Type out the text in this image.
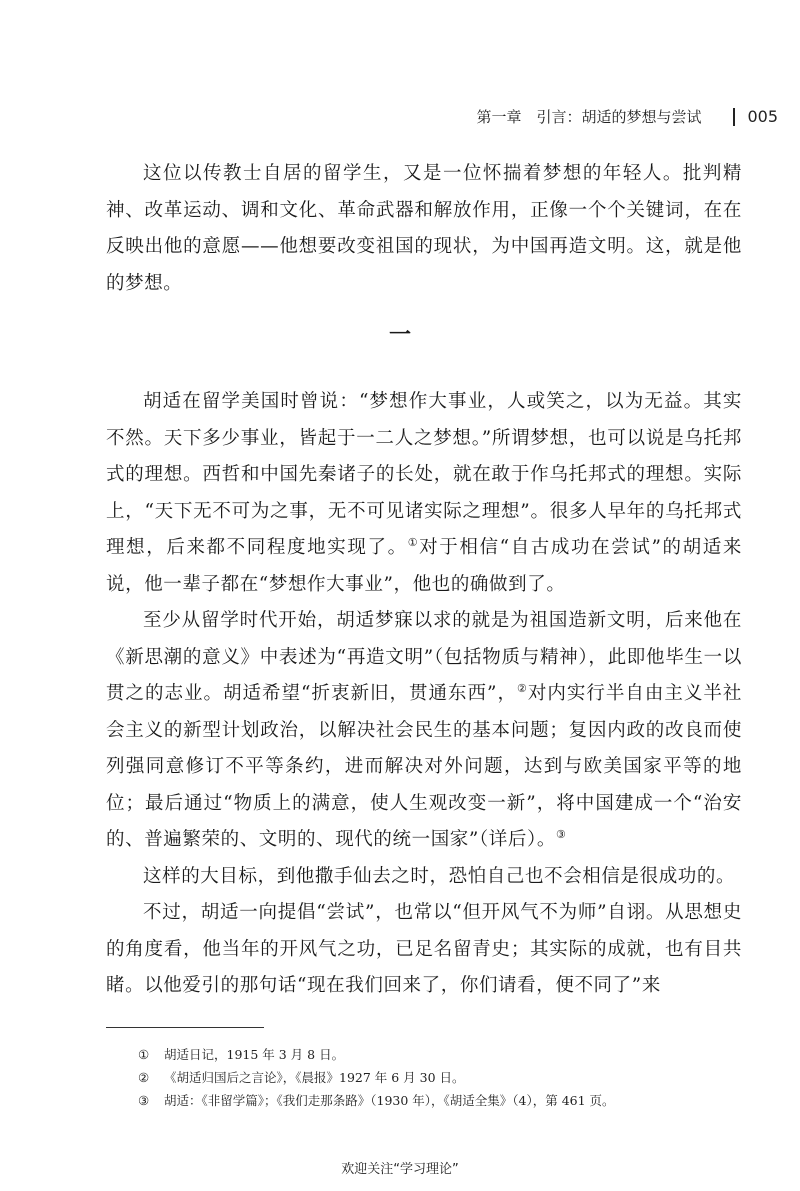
第一章　引言：胡适的梦想与尝试	005

这位以传教士自居的留学生，又是一位怀揣着梦想的年轻人。批判精神、改革运动、调和文化、革命武器和解放作用，正像一个个关键词，在在反映出他的意愿——他想要改变祖国的现状，为中国再造文明。这，就是他的梦想。

一

胡适在留学美国时曾说：“梦想作大事业，人或笑之，以为无益。其实不然。天下多少事业，皆起于一二人之梦想。”所谓梦想，也可以说是乌托邦式的理想。西哲和中国先秦诸子的长处，就在敢于作乌托邦式的理想。实际上，“天下无不可为之事，无不可见诸实际之理想”。很多人早年的乌托邦式理想，后来都不同程度地实现了。①对于相信“自古成功在尝试”的胡适来说，他一辈子都在“梦想作大事业”，他也的确做到了。

至少从留学时代开始，胡适梦寐以求的就是为祖国造新文明，后来他在《新思潮的意义》中表述为“再造文明”（包括物质与精神），此即他毕生一以贯之的志业。胡适希望“折衷新旧，贯通东西”，②对内实行半自由主义半社会主义的新型计划政治，以解决社会民生的基本问题；复因内政的改良而使列强同意修订不平等条约，进而解决对外问题，达到与欧美国家平等的地位；最后通过“物质上的满意，使人生观改变一新”，将中国建成一个“治安的、普遍繁荣的、文明的、现代的统一国家”（详后）。③

这样的大目标，到他撒手仙去之时，恐怕自己也不会相信是很成功的。

不过，胡适一向提倡“尝试”，也常以“但开风气不为师”自诩。从思想史的角度看，他当年的开风气之功，已足名留青史；其实际的成就，也有目共睹。以他爱引的那句话“现在我们回来了，你们请看，便不同了”来

①	胡适日记，1915 年 3 月 8 日。
②	《胡适归国后之言论》，《晨报》1927 年 6 月 30 日。
③	胡适：《非留学篇》；《我们走那条路》（1930 年），《胡适全集》（4），第 461 页。
欢迎关注“学习理论”
